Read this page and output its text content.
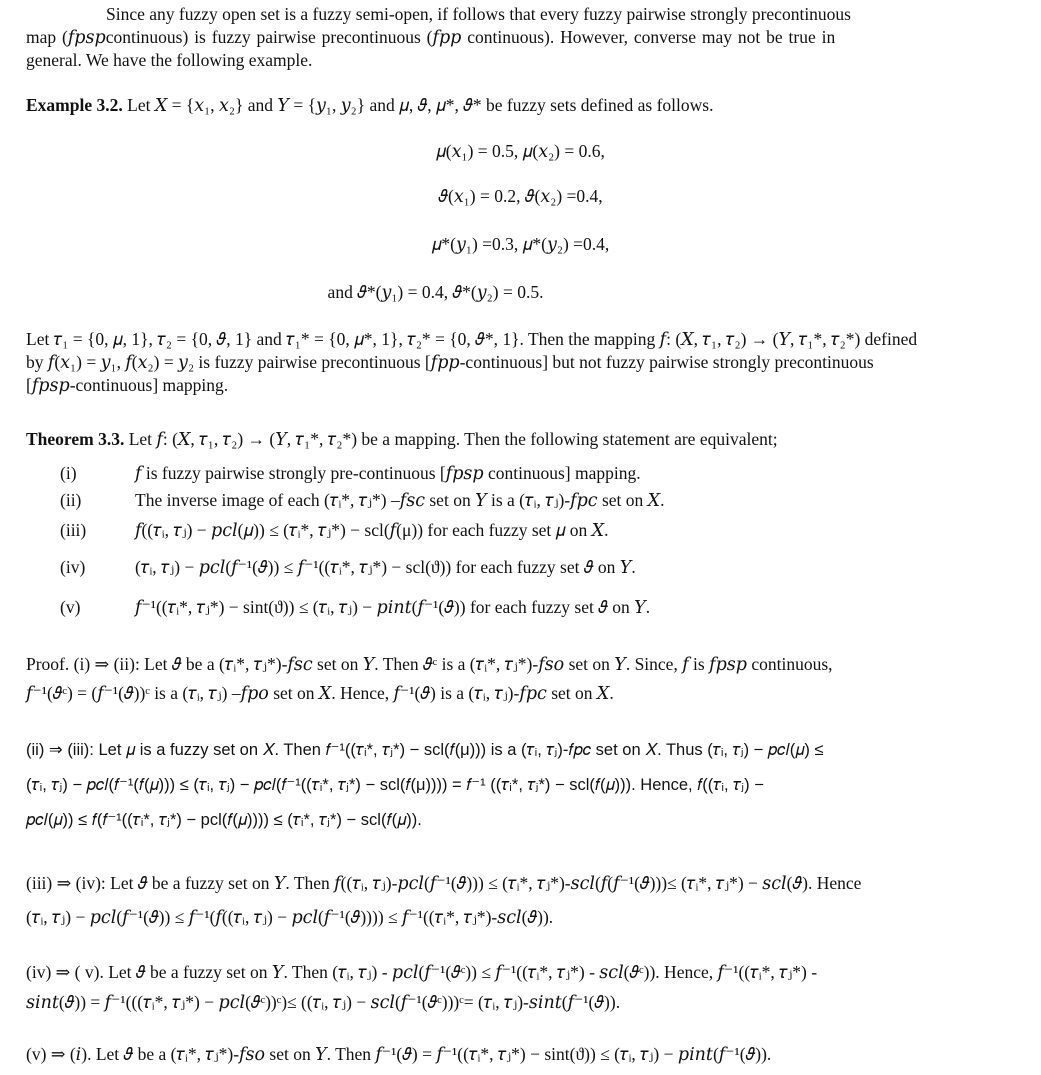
Since any fuzzy open set is a fuzzy semi-open, if follows that every fuzzy pairwise strongly precontinuous
map (𝑓𝑝𝑠𝑝continuous) is fuzzy pairwise precontinuous (𝑓𝑝𝑝 continuous). However, converse may not be true in
general. We have the following example.
Example 3.2. Let 𝑋 = {𝑥₁, 𝑥₂} and 𝑌 = {𝑦₁, 𝑦₂} and 𝜇, 𝜗, 𝜇*, 𝜗* be fuzzy sets defined as follows.
𝜇(𝑥₁) = 0.5, 𝜇(𝑥₂) = 0.6,
𝜗(𝑥₁) = 0.2, 𝜗(𝑥₂) =0.4,
𝜇*(𝑦₁) =0.3, 𝜇*(𝑦₂) =0.4,
and 𝜗*(𝑦₁) = 0.4, 𝜗*(𝑦₂) = 0.5.
Let 𝜏₁ = {0, 𝜇, 1}, 𝜏₂ = {0, 𝜗, 1} and 𝜏₁* = {0, 𝜇*, 1}, 𝜏₂* = {0, 𝜗*, 1}. Then the mapping 𝑓: (𝑋, 𝜏₁, 𝜏₂) → (𝑌, 𝜏₁*, 𝜏₂*) defined
by 𝑓(𝑥₁) = 𝑦₁, 𝑓(𝑥₂) = 𝑦₂ is fuzzy pairwise precontinuous [𝑓𝑝𝑝-continuous] but not fuzzy pairwise strongly precontinuous
[𝑓𝑝𝑠𝑝-continuous] mapping.
Theorem 3.3. Let 𝑓: (𝑋, 𝜏₁, 𝜏₂) → (𝑌, 𝜏₁*, 𝜏₂*) be a mapping. Then the following statement are equivalent;
(i)	𝑓 is fuzzy pairwise strongly pre-continuous [𝑓𝑝𝑠𝑝 continuous] mapping.
(ii)	The inverse image of each (𝜏ᵢ*, 𝜏ⱼ*) –𝑓𝑠𝑐 set on 𝑌 is a (𝜏ᵢ, 𝜏ⱼ)-𝑓𝑝𝑐 set on 𝑋.
(iii)	𝑓((𝜏ᵢ, 𝜏ⱼ) − 𝑝𝑐𝑙(𝜇)) ≤ (𝜏ᵢ*, 𝜏ⱼ*) − scl(𝑓(μ)) for each fuzzy set 𝜇 on 𝑋.
(iv)	(𝜏ᵢ, 𝜏ⱼ) − 𝑝𝑐𝑙(𝑓⁻¹(𝜗)) ≤ 𝑓⁻¹((𝜏ᵢ*, 𝜏ⱼ*) − scl(ϑ)) for each fuzzy set 𝜗 on 𝑌.
(v)	𝑓⁻¹((𝜏ᵢ*, 𝜏ⱼ*) − sint(ϑ)) ≤ (𝜏ᵢ, 𝜏ⱼ) − 𝑝𝑖𝑛𝑡(𝑓⁻¹(𝜗)) for each fuzzy set 𝜗 on 𝑌.
Proof. (i) ⇒ (ii): Let 𝜗 be a (𝜏ᵢ*, 𝜏ⱼ*)-𝑓𝑠𝑐 set on 𝑌. Then 𝜗ᶜ is a (𝜏ᵢ*, 𝜏ⱼ*)-𝑓𝑠𝑜 set on 𝑌. Since, 𝑓 is 𝑓𝑝𝑠𝑝 continuous,
𝑓⁻¹(𝜗ᶜ) = (𝑓⁻¹(𝜗))ᶜ is a (𝜏ᵢ, 𝜏ⱼ) –𝑓𝑝𝑜 set on 𝑋. Hence, 𝑓⁻¹(𝜗) is a (𝜏ᵢ, 𝜏ⱼ)-𝑓𝑝𝑐 set on 𝑋.
(ii) ⇒ (iii): Let 𝜇 is a fuzzy set on 𝑋. Then 𝑓⁻¹((𝜏ᵢ*, 𝜏ⱼ*) − scl(𝑓(μ))) is a (𝜏ᵢ, 𝜏ⱼ)-𝑓𝑝𝑐 set on 𝑋. Thus (𝜏ᵢ, 𝜏ⱼ) − 𝑝𝑐𝑙(𝜇) ≤
(𝜏ᵢ, 𝜏ⱼ) − 𝑝𝑐𝑙(𝑓⁻¹(𝑓(𝜇))) ≤ (𝜏ᵢ, 𝜏ⱼ) − 𝑝𝑐𝑙(𝑓⁻¹((𝜏ᵢ*, 𝜏ⱼ*) − scl(𝑓(μ)))) = 𝑓⁻¹ ((𝜏ᵢ*, 𝜏ⱼ*) − scl(𝑓(𝜇))). Hence, 𝑓((𝜏ᵢ, 𝜏ⱼ) −
𝑝𝑐𝑙(𝜇)) ≤ 𝑓(𝑓⁻¹((𝜏ᵢ*, 𝜏ⱼ*) − pcl(𝑓(𝜇)))) ≤ (𝜏ᵢ*, 𝜏ⱼ*) − scl(𝑓(𝜇)).
(iii) ⇒ (iv): Let 𝜗 be a fuzzy set on 𝑌. Then 𝑓((𝜏ᵢ, 𝜏ⱼ)-𝑝𝑐𝑙(𝑓⁻¹(𝜗))) ≤ (𝜏ᵢ*, 𝜏ⱼ*)-𝑠𝑐𝑙(𝑓(𝑓⁻¹(𝜗)))≤ (𝜏ᵢ*, 𝜏ⱼ*) − 𝑠𝑐𝑙(𝜗). Hence
(𝜏ᵢ, 𝜏ⱼ) − 𝑝𝑐𝑙(𝑓⁻¹(𝜗)) ≤ 𝑓⁻¹(𝑓((𝜏ᵢ, 𝜏ⱼ) − 𝑝𝑐𝑙(𝑓⁻¹(𝜗)))) ≤ 𝑓⁻¹((𝜏ᵢ*, 𝜏ⱼ*)-𝑠𝑐𝑙(𝜗)).
(iv) ⇒ ( v). Let 𝜗 be a fuzzy set on 𝑌. Then (𝜏ᵢ, 𝜏ⱼ) - 𝑝𝑐𝑙(𝑓⁻¹(𝜗ᶜ)) ≤ 𝑓⁻¹((𝜏ᵢ*, 𝜏ⱼ*) - 𝑠𝑐𝑙(𝜗ᶜ)). Hence, 𝑓⁻¹((𝜏ᵢ*, 𝜏ⱼ*) -
𝑠𝑖𝑛𝑡(𝜗)) = 𝑓⁻¹(((𝜏ᵢ*, 𝜏ⱼ*) − 𝑝𝑐𝑙(𝜗ᶜ))ᶜ)≤ ((𝜏ᵢ, 𝜏ⱼ) − 𝑠𝑐𝑙(𝑓⁻¹(𝜗ᶜ)))ᶜ= (𝜏ᵢ, 𝜏ⱼ)-𝑠𝑖𝑛𝑡(𝑓⁻¹(𝜗)).
(v) ⇒ (𝑖). Let 𝜗 be a (𝜏ᵢ*, 𝜏ⱼ*)-𝑓𝑠𝑜 set on 𝑌. Then 𝑓⁻¹(𝜗) = 𝑓⁻¹((𝜏ᵢ*, 𝜏ⱼ*) − sint(ϑ)) ≤ (𝜏ᵢ, 𝜏ⱼ) − 𝑝𝑖𝑛𝑡(𝑓⁻¹(𝜗)).
